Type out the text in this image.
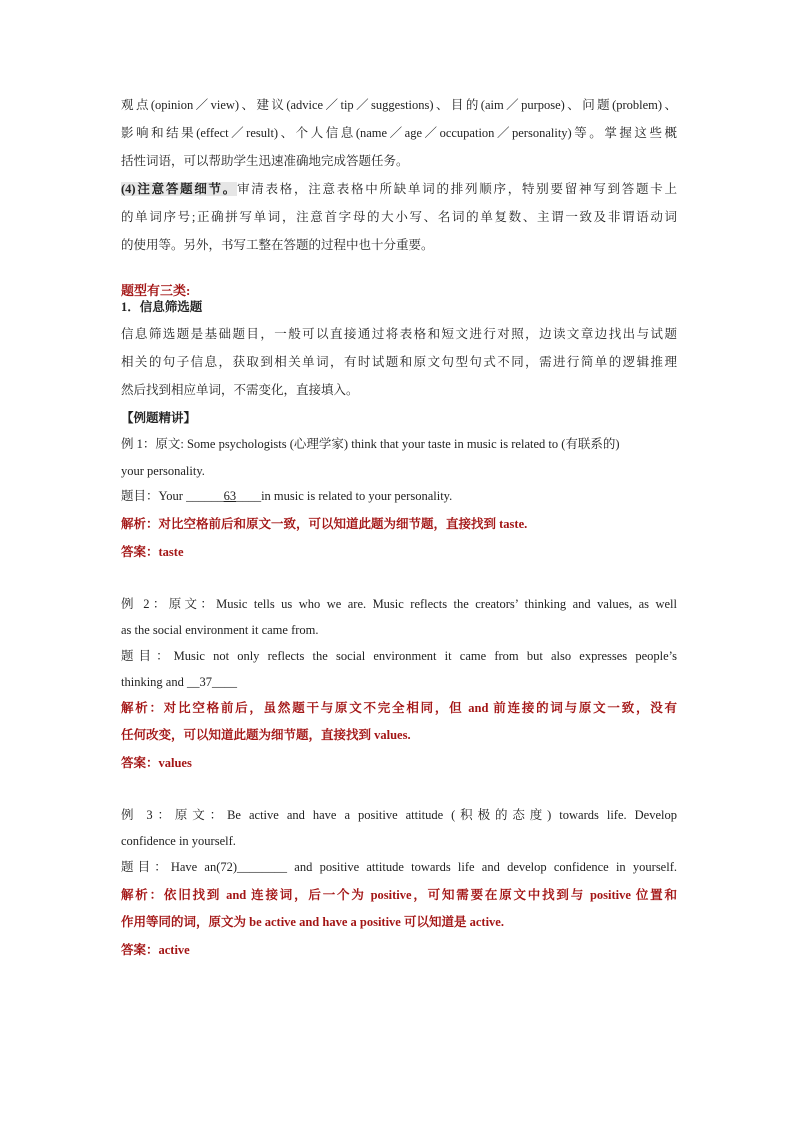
观点(opinion／view)、建议(advice／tip／suggestions)、目的(aim／purpose)、问题(problem)、
影响和结果(effect／result)、个人信息(name／age／occupation／personality)等。掌握这些概
括性词语，可以帮助学生迅速准确地完成答题任务。
(4)注意答题细节。审清表格，注意表格中所缺单词的排列顺序，特别要留神写到答题卡上
的单词序号;正确拼写单词，注意首字母的大小写、名词的单复数、主谓一致及非谓语动词
的使用等。另外，书写工整在答题的过程中也十分重要。
题型有三类:
1．信息筛选题
信息筛选题是基础题目，一般可以直接通过将表格和短文进行对照，边读文章边找出与试题
相关的句子信息，获取到相关单词，有时试题和原文句型句式不同，需进行简单的逻辑推理
然后找到相应单词，不需变化，直接填入。
【例题精讲】
例 1：原文: Some psychologists (心理学家) think that your taste in music is related to (有联系的)
your personality.
题目：Your ______63____in music is related to your personality.
解析：对比空格前后和原文一致，可以知道此题为细节题，直接找到 taste.
答案：taste
例 2：原文：Music tells us who we are. Music reflects the creators’ thinking and values, as well
as the social environment it came from.
题目：Music not only reflects the social environment it came from but also expresses people’s
thinking and __37____
解析：对比空格前后，虽然题干与原文不完全相同，但 and 前连接的词与原文一致，没有
任何改变，可以知道此题为细节题，直接找到 values.
答案：values
例 3：原文：Be active and have a positive attitude (积极的态度) towards life. Develop
confidence in yourself.
题目：Have an(72)________ and positive attitude towards life and develop confidence in yourself.
解析：依旧找到 and 连接词，后一个为 positive，可知需要在原文中找到与 positive 位置和
作用等同的词，原文为 be active and have a positive 可以知道是 active.
答案：active
